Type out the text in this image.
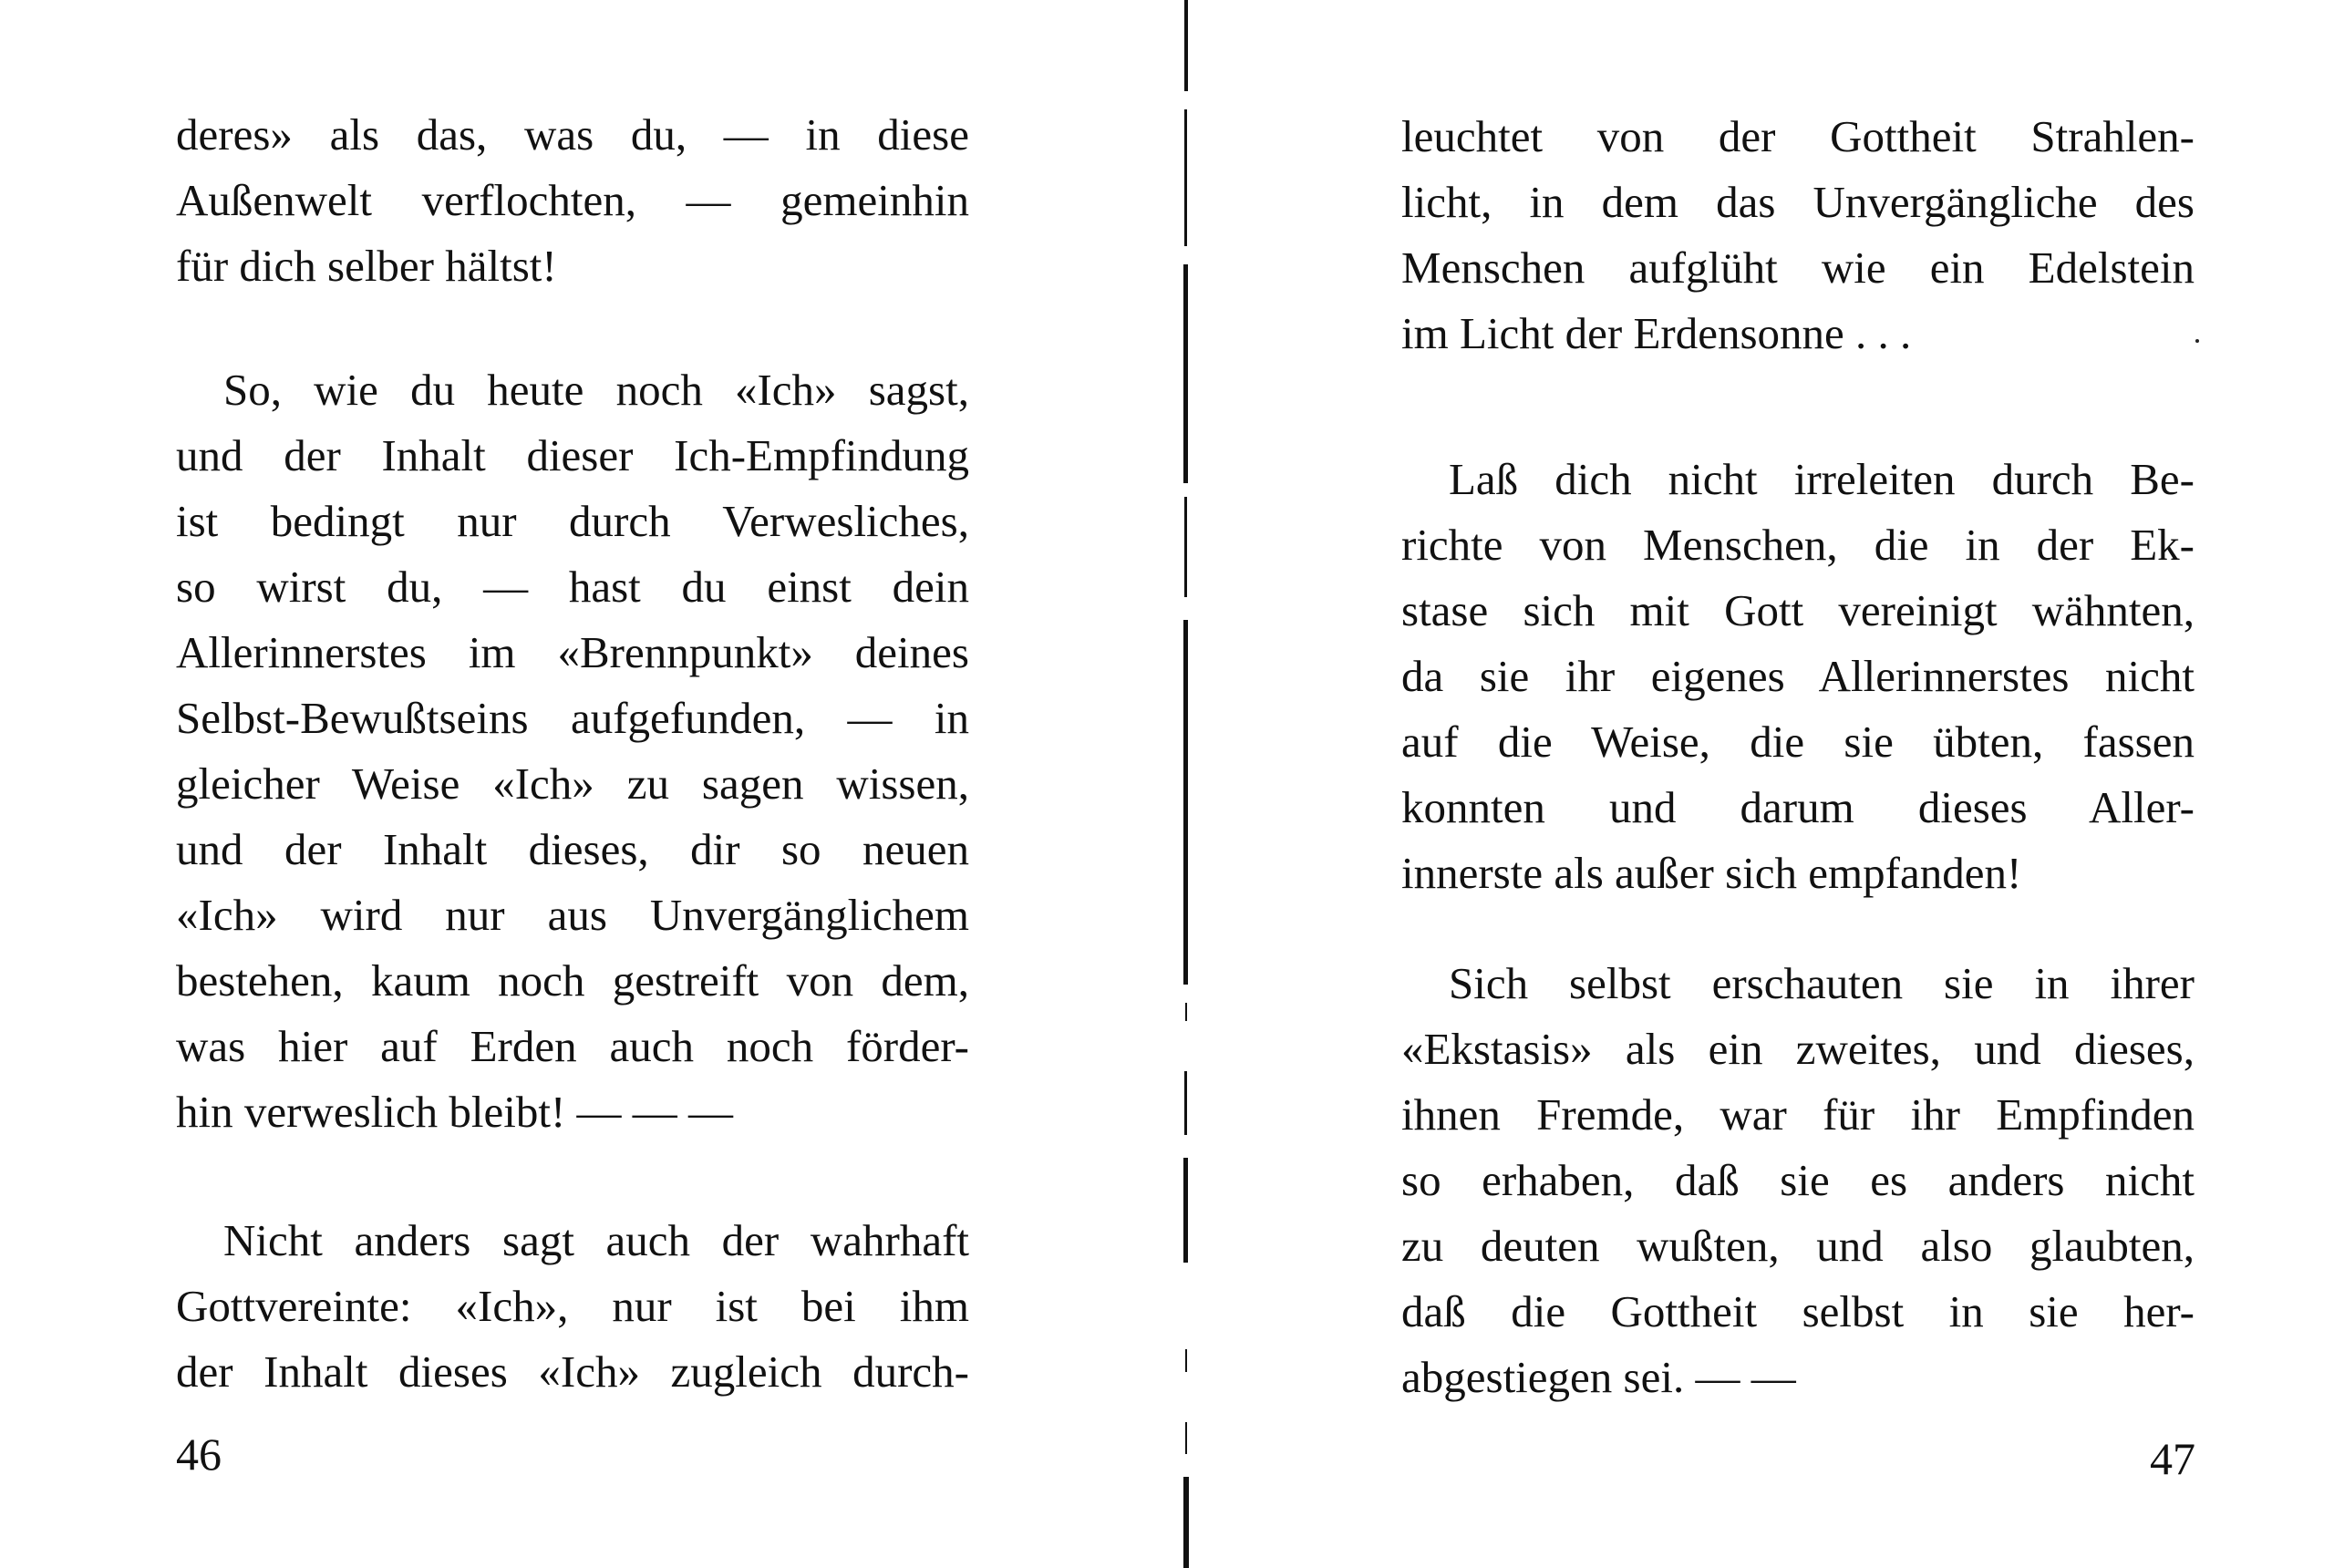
deres» als das, was du, — in diese
Außenwelt verflochten, — gemeinhin
für dich selber hältst!
So, wie du heute noch «Ich» sagst,
und der Inhalt dieser Ich-Empfindung
ist bedingt nur durch Verwesliches,
so wirst du, — hast du einst dein
Allerinnerstes im «Brennpunkt» deines
Selbst-Bewußtseins aufgefunden, — in
gleicher Weise «Ich» zu sagen wissen,
und der Inhalt dieses, dir so neuen
«Ich» wird nur aus Unvergänglichem
bestehen, kaum noch gestreift von dem,
was hier auf Erden auch noch förder-
hin verweslich bleibt! — — —
Nicht anders sagt auch der wahrhaft
Gottvereinte: «Ich», nur ist bei ihm
der Inhalt dieses «Ich» zugleich durch-
46
leuchtet von der Gottheit Strahlen-
licht, in dem das Unvergängliche des
Menschen aufglüht wie ein Edelstein
im Licht der Erdensonne . . .
Laß dich nicht irreleiten durch Be-
richte von Menschen, die in der Ek-
stase sich mit Gott vereinigt wähnten,
da sie ihr eigenes Allerinnerstes nicht
auf die Weise, die sie übten, fassen
konnten und darum dieses Aller-
innerste als außer sich empfanden!
Sich selbst erschauten sie in ihrer
«Ekstasis» als ein zweites, und dieses,
ihnen Fremde, war für ihr Empfinden
so erhaben, daß sie es anders nicht
zu deuten wußten, und also glaubten,
daß die Gottheit selbst in sie her-
abgestiegen sei. — —
47
